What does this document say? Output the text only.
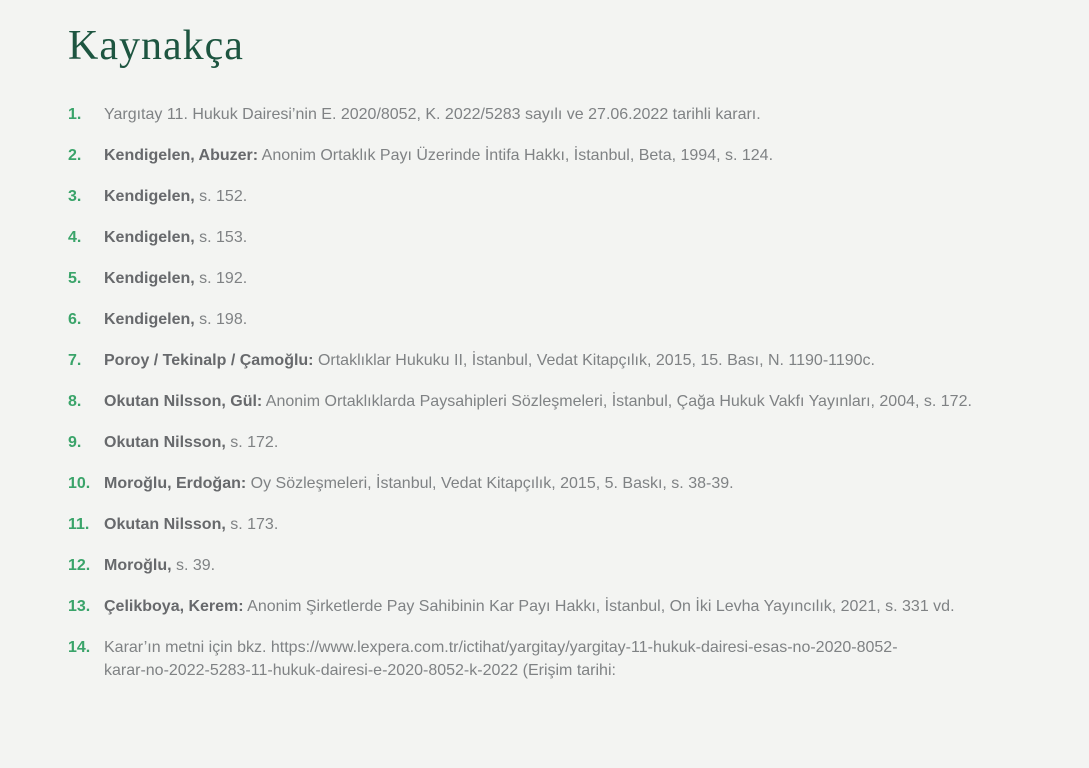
Kaynakça
1.	Yargıtay 11. Hukuk Dairesi’nin E. 2020/8052, K. 2022/5283 sayılı ve 27.06.2022 tarihli kararı.
2.	Kendigelen, Abuzer: Anonim Ortaklık Payı Üzerinde İntifa Hakkı, İstanbul, Beta, 1994, s. 124.
3.	Kendigelen, s. 152.
4.	Kendigelen, s. 153.
5.	Kendigelen, s. 192.
6.	Kendigelen, s. 198.
7.	Poroy / Tekinalp / Çamoğlu: Ortaklıklar Hukuku II, İstanbul, Vedat Kitapçılık, 2015, 15. Bası, N. 1190-1190c.
8.	Okutan Nilsson, Gül: Anonim Ortaklıklarda Paysahipleri Sözleşmeleri, İstanbul, Çağa Hukuk Vakfı Yayınları, 2004, s. 172.
9.	Okutan Nilsson, s. 172.
10. Moroğlu, Erdoğan: Oy Sözleşmeleri, İstanbul, Vedat Kitapçılık, 2015, 5. Baskı, s. 38-39.
11. Okutan Nilsson, s. 173.
12. Moroğlu, s. 39.
13. Çelikboya, Kerem: Anonim Şirketlerde Pay Sahibinin Kar Payı Hakkı, İstanbul, On İki Levha Yayıncılık, 2021, s. 331 vd.
14. Karar’ın metni için bkz. https://www.lexpera.com.tr/ictihat/yargitay/yargitay-11-hukuk-dairesi-esas-no-2020-8052-karar-no-2022-5283-11-hukuk-dairesi-e-2020-8052-k-2022 (Erişim tarihi:
